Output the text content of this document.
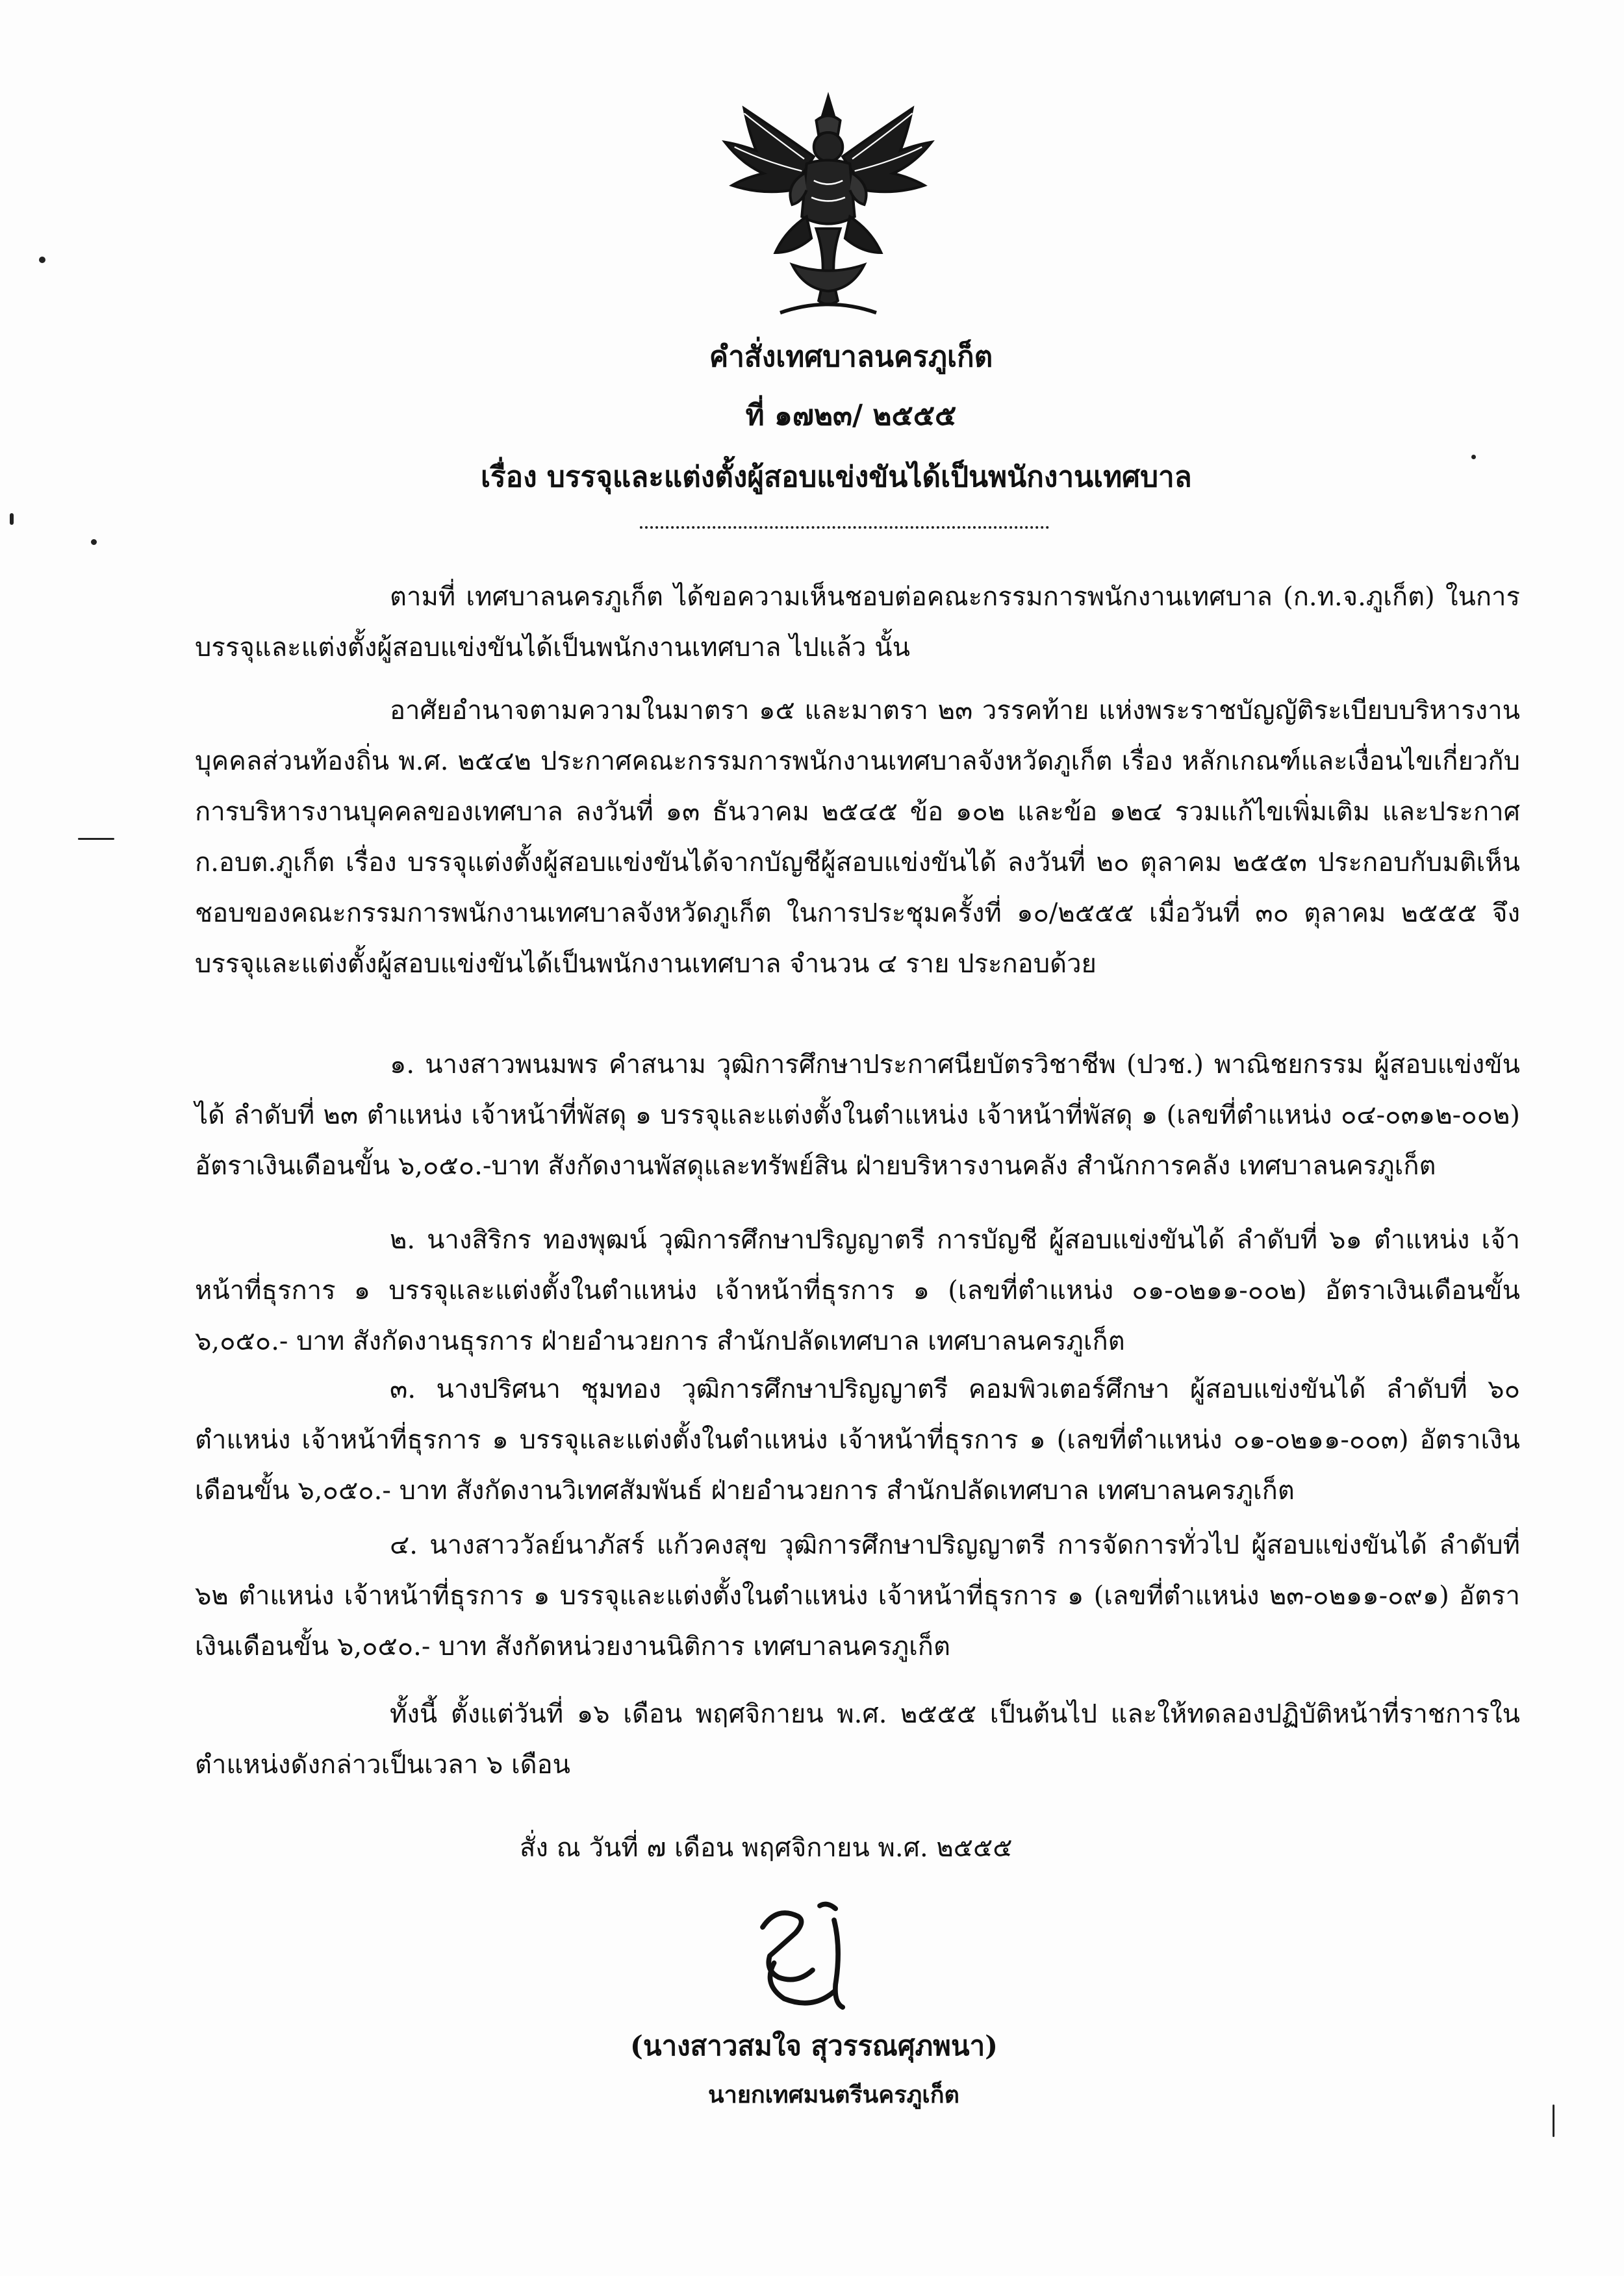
คำสั่งเทศบาลนครภูเก็ต
ที่ ๑๗๒๓/ ๒๕๕๕
เรื่อง บรรจุและแต่งตั้งผู้สอบแข่งขันได้เป็นพนักงานเทศบาล

ตามที่ เทศบาลนครภูเก็ต ได้ขอความเห็นชอบต่อคณะกรรมการพนักงานเทศบาล (ก.ท.จ.ภูเก็ต) ในการบรรจุและแต่งตั้งผู้สอบแข่งขันได้เป็นพนักงานเทศบาล ไปแล้ว นั้น

อาศัยอำนาจตามความในมาตรา ๑๕ และมาตรา ๒๓ วรรคท้าย แห่งพระราชบัญญัติระเบียบบริหารงานบุคคลส่วนท้องถิ่น พ.ศ. ๒๕๔๒ ประกาศคณะกรรมการพนักงานเทศบาลจังหวัดภูเก็ต เรื่อง หลักเกณฑ์และเงื่อนไขเกี่ยวกับการบริหารงานบุคคลของเทศบาล ลงวันที่ ๑๓ ธันวาคม ๒๕๔๕ ข้อ ๑๐๒ และข้อ ๑๒๔ รวมแก้ไขเพิ่มเติม และประกาศ ก.อบต.ภูเก็ต เรื่อง บรรจุแต่งตั้งผู้สอบแข่งขันได้จากบัญชีผู้สอบแข่งขันได้ ลงวันที่ ๒๐ ตุลาคม ๒๕๕๓ ประกอบกับมติเห็นชอบของคณะกรรมการพนักงานเทศบาลจังหวัดภูเก็ต ในการประชุมครั้งที่ ๑๐/๒๕๕๕ เมื่อวันที่ ๓๐ ตุลาคม ๒๕๕๕ จึงบรรจุและแต่งตั้งผู้สอบแข่งขันได้เป็นพนักงานเทศบาล จำนวน ๔ ราย ประกอบด้วย

๑. นางสาวพนมพร คำสนาม วุฒิการศึกษาประกาศนียบัตรวิชาชีพ (ปวช.) พาณิชยกรรม ผู้สอบแข่งขันได้ ลำดับที่ ๒๓ ตำแหน่ง เจ้าหน้าที่พัสดุ ๑ บรรจุและแต่งตั้งในตำแหน่ง เจ้าหน้าที่พัสดุ ๑ (เลขที่ตำแหน่ง ๐๔-๐๓๑๒-๐๐๒) อัตราเงินเดือนขั้น ๖,๐๕๐.-บาท สังกัดงานพัสดุและทรัพย์สิน ฝ่ายบริหารงานคลัง สำนักการคลัง เทศบาลนครภูเก็ต

๒. นางสิริกร ทองพุฒน์ วุฒิการศึกษาปริญญาตรี การบัญชี ผู้สอบแข่งขันได้ ลำดับที่ ๖๑ ตำแหน่ง เจ้าหน้าที่ธุรการ ๑ บรรจุและแต่งตั้งในตำแหน่ง เจ้าหน้าที่ธุรการ ๑ (เลขที่ตำแหน่ง ๐๑-๐๒๑๑-๐๐๒) อัตราเงินเดือนขั้น ๖,๐๕๐.- บาท สังกัดงานธุรการ ฝ่ายอำนวยการ สำนักปลัดเทศบาล เทศบาลนครภูเก็ต

๓. นางปริศนา ชุมทอง วุฒิการศึกษาปริญญาตรี คอมพิวเตอร์ศึกษา ผู้สอบแข่งขันได้ ลำดับที่ ๖๐ ตำแหน่ง เจ้าหน้าที่ธุรการ ๑ บรรจุและแต่งตั้งในตำแหน่ง เจ้าหน้าที่ธุรการ ๑ (เลขที่ตำแหน่ง ๐๑-๐๒๑๑-๐๐๓) อัตราเงินเดือนขั้น ๖,๐๕๐.- บาท สังกัดงานวิเทศสัมพันธ์ ฝ่ายอำนวยการ สำนักปลัดเทศบาล เทศบาลนครภูเก็ต

๔. นางสาววัลย์นาภัสร์ แก้วคงสุข วุฒิการศึกษาปริญญาตรี การจัดการทั่วไป ผู้สอบแข่งขันได้ ลำดับที่ ๖๒ ตำแหน่ง เจ้าหน้าที่ธุรการ ๑ บรรจุและแต่งตั้งในตำแหน่ง เจ้าหน้าที่ธุรการ ๑ (เลขที่ตำแหน่ง ๒๓-๐๒๑๑-๐๙๑) อัตราเงินเดือนขั้น ๖,๐๕๐.- บาท สังกัดหน่วยงานนิติการ เทศบาลนครภูเก็ต

ทั้งนี้ ตั้งแต่วันที่ ๑๖ เดือน พฤศจิกายน พ.ศ. ๒๕๕๕ เป็นต้นไป และให้ทดลองปฏิบัติหน้าที่ราชการในตำแหน่งดังกล่าวเป็นเวลา ๖ เดือน

สั่ง ณ วันที่ ๗ เดือน พฤศจิกายน พ.ศ. ๒๕๕๕
(นางสาวสมใจ สุวรรณศุภพนา)
นายกเทศมนตรีนครภูเก็ต
